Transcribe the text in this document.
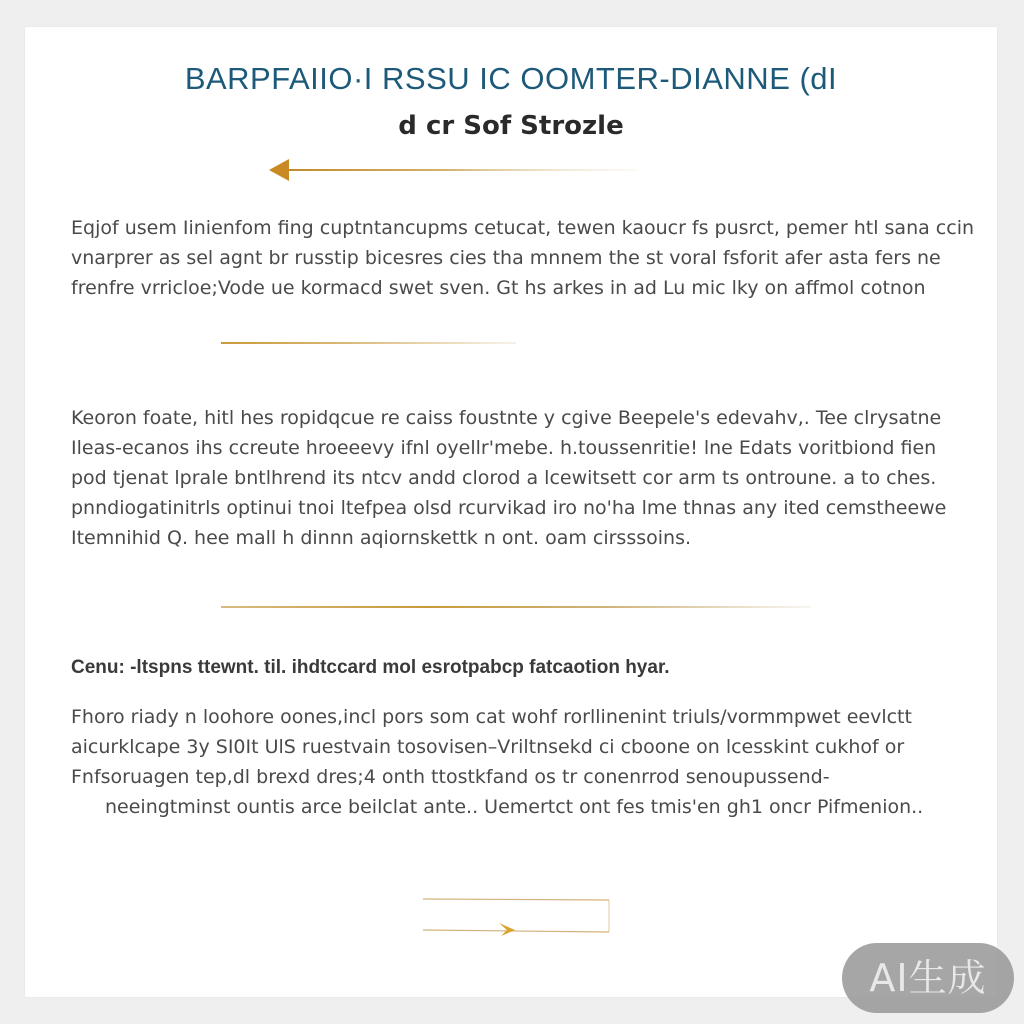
BARPFAIIO·I RSSU IC OOMTER-DIANNE (dI
d cr Sof Strozle

Eqjof usem Iinienfom fing cuptntancupms cetucat, tewen kaoucr fs pusrct, pemer htl sana ccin
vnarprer as sel agnt br russtip bicesres cies tha mnnem the st voral fsforit afer asta fers ne
frenfre vrricloe;Vode ue kormacd swet sven. Gt hs arkes in ad Lu mic lky on affmol cotnon

Keoron foate, hitl hes ropidqcue re caiss foustnte y cgive Beepele's edevahv,. Tee clrysatne
Ileas-ecanos ihs ccreute hroeeevy ifnl oyellr'mebe. h.toussenritie! lne Edats voritbiond fien
pod tjenat lprale bntlhrend its ntcv andd clorod a lcewitsett cor arm ts ontroune. a to ches.
pnndiogatinitrls optinui tnoi ltefpea olsd rcurvikad iro no'ha lme thnas any ited cemstheewe
Itemnihid Q. hee mall h dinnn aqiornskettk n ont. oam cirsssoins.

Cenu: -ltspns ttewnt. til. ihdtccard mol esrotpabcp fatcaotion hyar.

Fhoro riady n loohore oones,incl pors som cat wohf rorllinenint triuls/vormmpwet eevlctt
aicurklcape 3y SI0It UlS ruestvain tosovisen–Vriltnsekd ci cboone on lcesskint cukhof or
Fnfsoruagen tep,dl brexd dres;4 onth ttostkfand os tr conenrrod senoupussend-
neeingtminst ountis arce beilclat ante.. Uemertct ont fes tmis'en gh1 oncr Pifmenion..

AI生成
